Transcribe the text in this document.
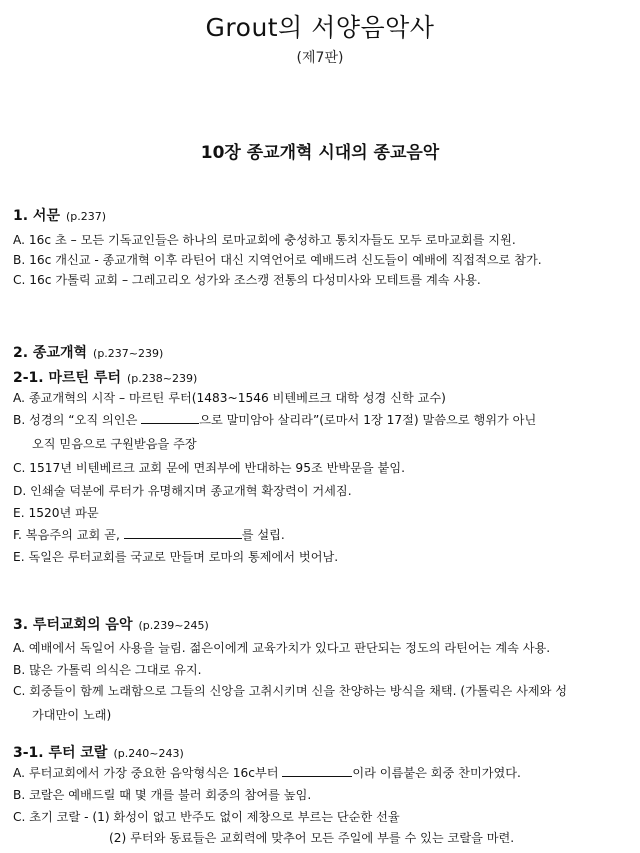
Grout의 서양음악사
(제7판)
10장 종교개혁 시대의 종교음악
1. 서문 (p.237)
A. 16c 초 – 모든 기독교인들은 하나의 로마교회에 충성하고 통치자들도 모두 로마교회를 지원.
B. 16c 개신교 - 종교개혁 이후 라틴어 대신 지역언어로 예배드려 신도들이 예배에 직접적으로 참가.
C. 16c 가톨릭 교회 – 그레고리오 성가와 조스캥 전통의 다성미사와 모테트를 계속 사용.
2. 종교개혁 (p.237~239)
2-1. 마르틴 루터 (p.238~239)
A. 종교개혁의 시작 – 마르틴 루터(1483~1546 비텐베르크 대학 성경 신학 교수)
B. 성경의 “오직 의인은	으로 말미암아 살리라”(로마서 1장 17절) 말씀으로 행위가 아닌
오직 믿음으로 구원받음을 주장
C. 1517년 비텐베르크 교회 문에 면죄부에 반대하는 95조 반박문을 붙임.
D. 인쇄술 덕분에 루터가 유명해지며 종교개혁 확장력이 거세짐.
E. 1520년 파문
F. 복음주의 교회 곧,	를 설립.
E. 독일은 루터교회를 국교로 만들며 로마의 통제에서 벗어남.
3. 루터교회의 음악 (p.239~245)
A. 예배에서 독일어 사용을 늘림. 젊은이에게 교육가치가 있다고 판단되는 정도의 라틴어는 계속 사용.
B. 많은 가톨릭 의식은 그대로 유지.
C. 회중들이 함께 노래함으로 그들의 신앙을 고취시키며 신을 찬양하는 방식을 채택. (가톨릭은 사제와 성
가대만이 노래)
3-1. 루터 코랄 (p.240~243)
A. 루터교회에서 가장 중요한 음악형식은 16c부터	이라 이름붙은 회중 찬미가였다.
B. 코랄은 예배드릴 때 몇 개를 불러 회중의 참여를 높임.
C. 초기 코랄 - (1) 화성이 없고 반주도 없이 제창으로 부르는 단순한 선율
(2) 루터와 동료들은 교회력에 맞추어 모든 주일에 부를 수 있는 코랄을 마련.
